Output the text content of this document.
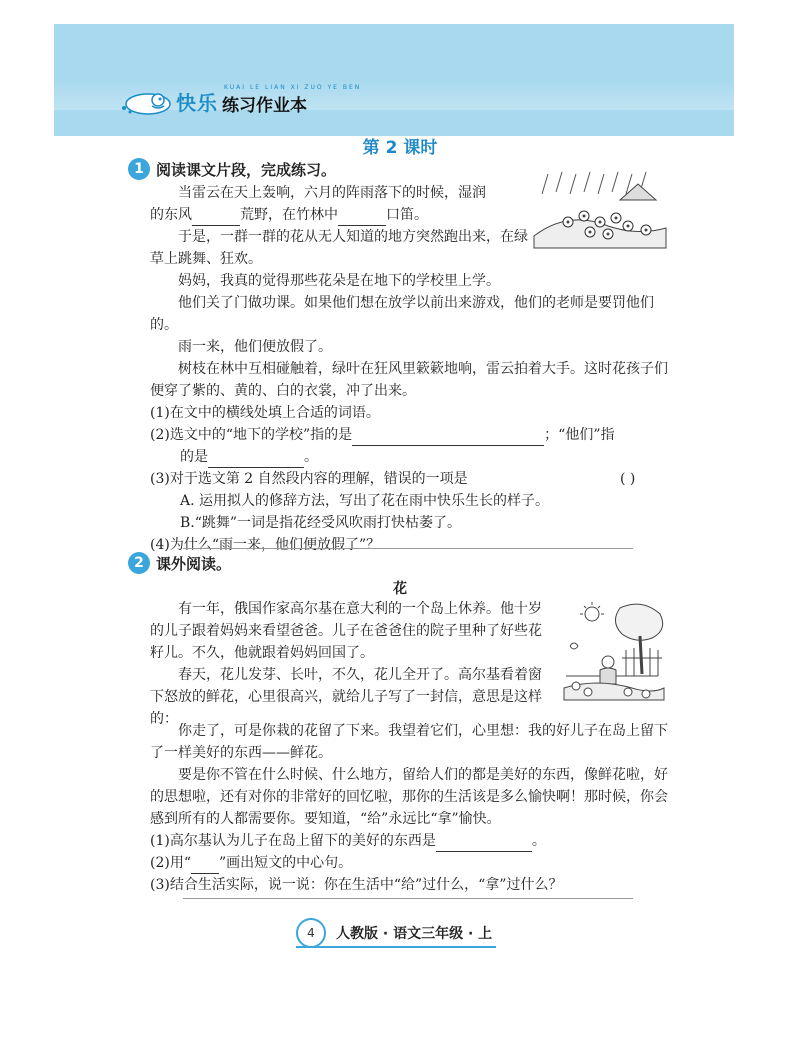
KUAI LE LIAN XI ZUO YE BEN
快乐 练习作业本
第 2 课时
1 阅读课文片段，完成练习。
当雷云在天上轰响，六月的阵雨落下的时候，湿润
的东风	荒野，在竹林中	口笛。
于是，一群一群的花从无人知道的地方突然跑出来，在绿草上跳舞、狂欢。
妈妈，我真的觉得那些花朵是在地下的学校里上学。
他们关了门做功课。如果他们想在放学以前出来游戏，他们的老师是要罚他们的。
雨一来，他们便放假了。
树枝在林中互相碰触着，绿叶在狂风里簌簌地响，雷云拍着大手。这时花孩子们便穿了紫的、黄的、白的衣裳，冲了出来。
(1)在文中的横线处填上合适的词语。
(2)选文中的“地下的学校”指的是	；“他们”指
的是	。
(3)对于选文第 2 自然段内容的理解，错误的一项是	( )
A. 运用拟人的修辞方法，写出了花在雨中快乐生长的样子。
B.“跳舞”一词是指花经受风吹雨打快枯萎了。
(4)为什么“雨一来，他们便放假了”？
2 课外阅读。
花
有一年，俄国作家高尔基在意大利的一个岛上休养。他十岁的儿子跟着妈妈来看望爸爸。儿子在爸爸住的院子里种了好些花籽儿。不久，他就跟着妈妈回国了。
春天，花儿发芽、长叶，不久，花儿全开了。高尔基看着窗下怒放的鲜花，心里很高兴，就给儿子写了一封信，意思是这样的：
你走了，可是你栽的花留了下来。我望着它们，心里想：我的好儿子在岛上留下了一样美好的东西——鲜花。
要是你不管在什么时候、什么地方，留给人们的都是美好的东西，像鲜花啦，好的思想啦，还有对你的非常好的回忆啦，那你的生活该是多么愉快啊！那时候，你会感到所有的人都需要你。要知道，“给”永远比“拿”愉快。
(1)高尔基认为儿子在岛上留下的美好的东西是	。
(2)用“ ”画出短文的中心句。
(3)结合生活实际，说一说：你在生活中“给”过什么，“拿”过什么？
4	人教版 · 语文三年级 · 上
